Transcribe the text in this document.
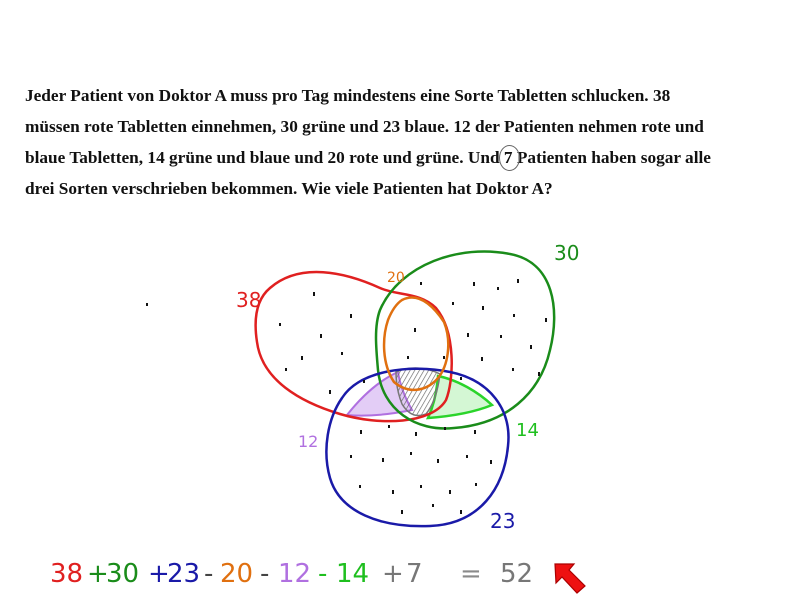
Jeder Patient von Doktor A muss pro Tag mindestens eine Sorte Tabletten schlucken. 38
müssen rote Tabletten einnehmen, 30 grüne und 23 blaue. 12 der Patienten nehmen rote und
blaue Tabletten, 14 grüne und blaue und 20 rote und grüne. Und 7 Patienten haben sogar alle
drei Sorten verschrieben bekommen. Wie viele Patienten hat Doktor A?
38
30
23
20
12
14
38 +
30 +
23 - 20 - 12 - 14 + 7 = 52
